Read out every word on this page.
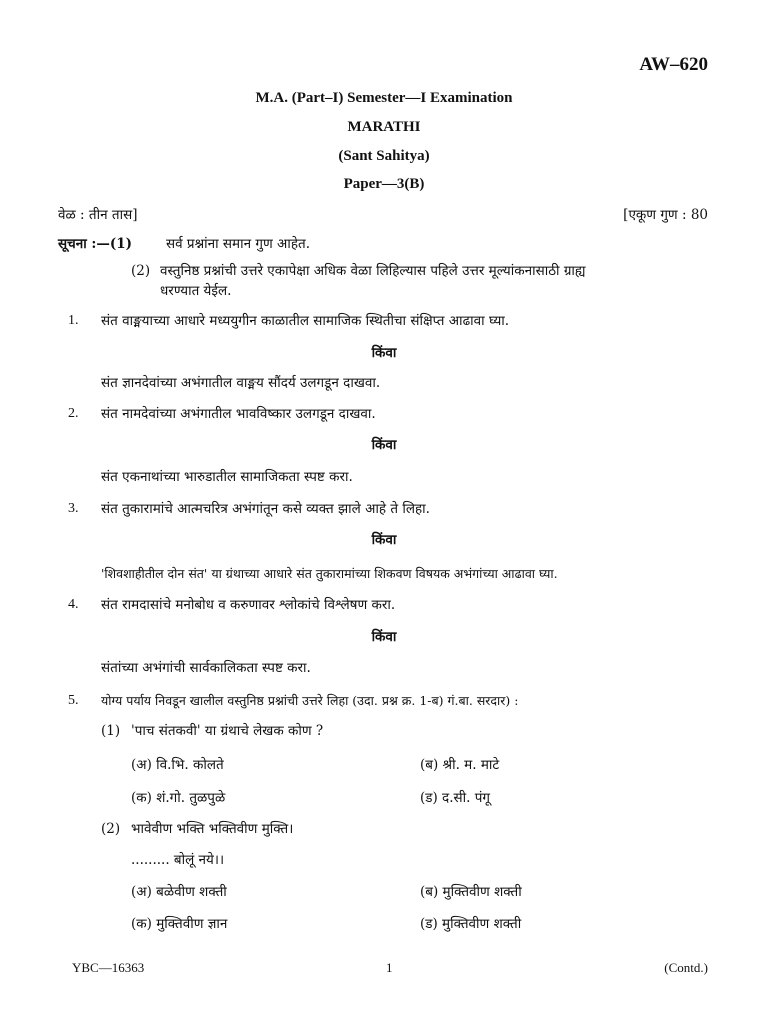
AW–620
M.A. (Part–I) Semester—I Examination
MARATHI
(Sant Sahitya)
Paper—3(B)
वेळ : तीन तास]	[एकूण गुण : 80
सूचना :—(1)	सर्व प्रश्नांना समान गुण आहेत.
(2) वस्तुनिष्ठ प्रश्नांची उत्तरे एकापेक्षा अधिक वेळा लिहिल्यास पहिले उत्तर मूल्यांकनासाठी ग्राह्य
धरण्यात येईल.
1. संत वाङ्मयाच्या आधारे मध्ययुगीन काळातील सामाजिक स्थितीचा संक्षिप्त आढावा घ्या.
किंवा
संत ज्ञानदेवांच्या अभंगातील वाङ्मय सौंदर्य उलगडून दाखवा.
2. संत नामदेवांच्या अभंगातील भावविष्कार उलगडून दाखवा.
किंवा
संत एकनाथांच्या भारुडातील सामाजिकता स्पष्ट करा.
3. संत तुकारामांचे आत्मचरित्र अभंगांतून कसे व्यक्त झाले आहे ते लिहा.
किंवा
'शिवशाहीतील दोन संत' या ग्रंथाच्या आधारे संत तुकारामांच्या शिकवण विषयक अभंगांच्या आढावा घ्या.
4. संत रामदासांचे मनोबोध व करुणावर श्लोकांचे विश्लेषण करा.
किंवा
संतांच्या अभंगांची सार्वकालिकता स्पष्ट करा.
5. योग्य पर्याय निवडून खालील वस्तुनिष्ठ प्रश्नांची उत्तरे लिहा (उदा. प्रश्न क्र. 1-ब) गं.बा. सरदार) :
(1) 'पाच संतकवी' या ग्रंथाचे लेखक कोण ?
(अ) वि.भि. कोलते	(ब) श्री. म. माटे
(क) शं.गो. तुळपुळे	(ड) द.सी. पंगू
(2) भावेवीण भक्ति भक्तिवीण मुक्ति।
......... बोलूं नये।।
(अ) बळेवीण शक्ती	(ब) मुक्तिवीण शक्ती
(क) मुक्तिवीण ज्ञान	(ड) मुक्तिवीण शक्ती
YBC—16363	1	(Contd.)
